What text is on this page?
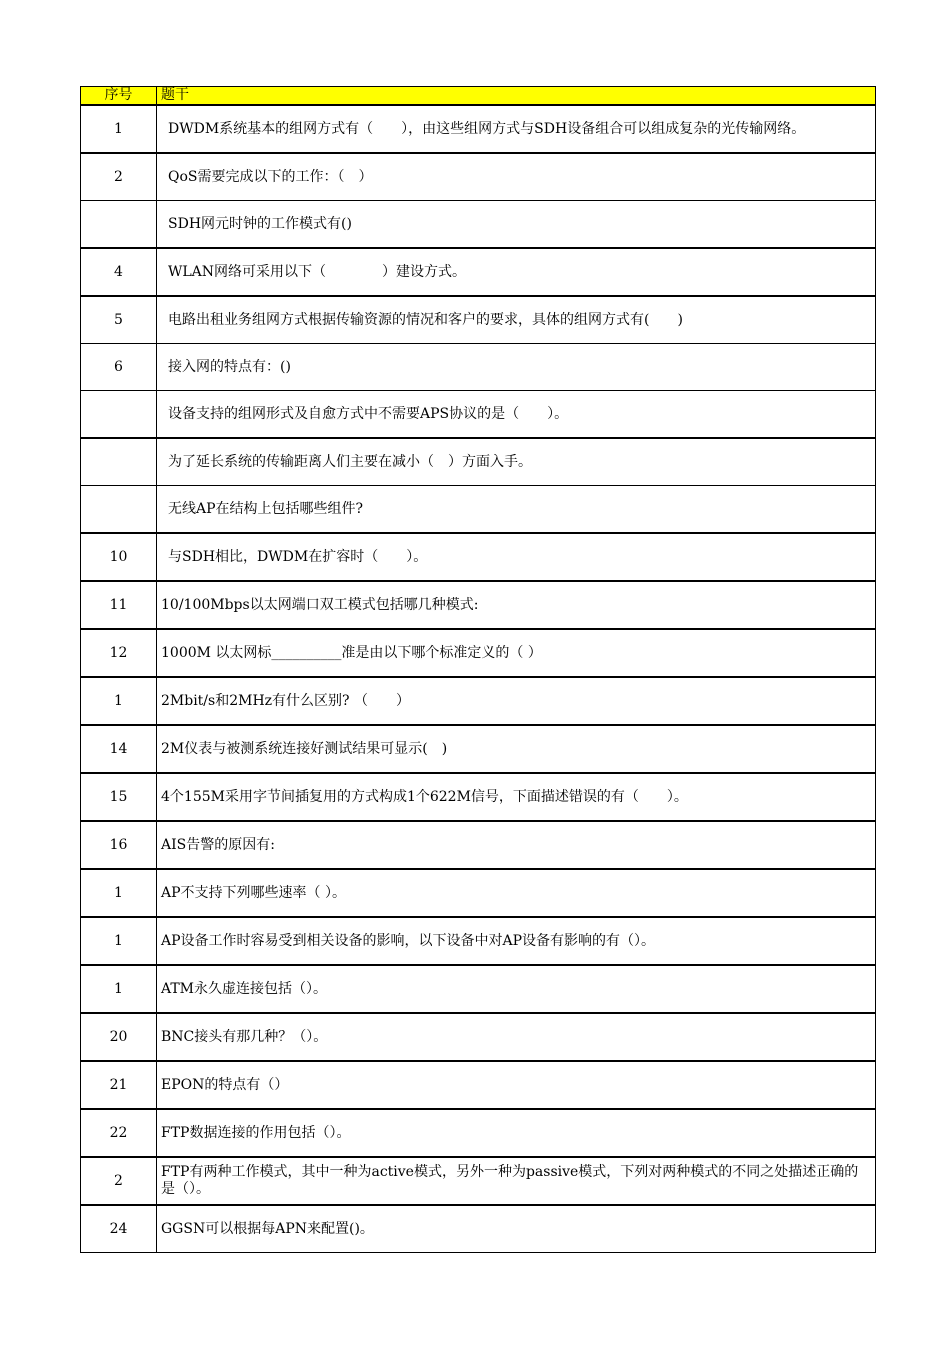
序号	题干
1	DWDM系统基本的组网方式有（　　），由这些组网方式与SDH设备组合可以组成复杂的光传输网络。
2	QoS需要完成以下的工作：（　）
	SDH网元时钟的工作模式有()
4	WLAN网络可采用以下（　　　　）建设方式。
5	电路出租业务组网方式根据传输资源的情况和客户的要求，具体的组网方式有(　　)
6	接入网的特点有：()
	设备支持的组网形式及自愈方式中不需要APS协议的是（　　）。
	为了延长系统的传输距离人们主要在减小（　）方面入手。
	无线AP在结构上包括哪些组件?
10	与SDH相比，DWDM在扩容时（　　）。
11	10/100Mbps以太网端口双工模式包括哪几种模式:
12	1000M 以太网标__________准是由以下哪个标准定义的（ ）
1	2Mbit/s和2MHz有什么区别? （　　）
14	2M仪表与被测系统连接好测试结果可显示(　)
15	4个155M采用字节间插复用的方式构成1个622M信号，下面描述错误的有（　　）。
16	AIS告警的原因有:
1	AP不支持下列哪些速率（ ）。
1	AP设备工作时容易受到相关设备的影响，以下设备中对AP设备有影响的有（）。
1	ATM永久虚连接包括（）。
20	BNC接头有那几种？（）。
21	EPON的特点有（）
22	FTP数据连接的作用包括（）。
2	FTP有两种工作模式，其中一种为active模式，另外一种为passive模式，下列对两种模式的不同之处描述正确的是（）。
24	GGSN可以根据每APN来配置()。
